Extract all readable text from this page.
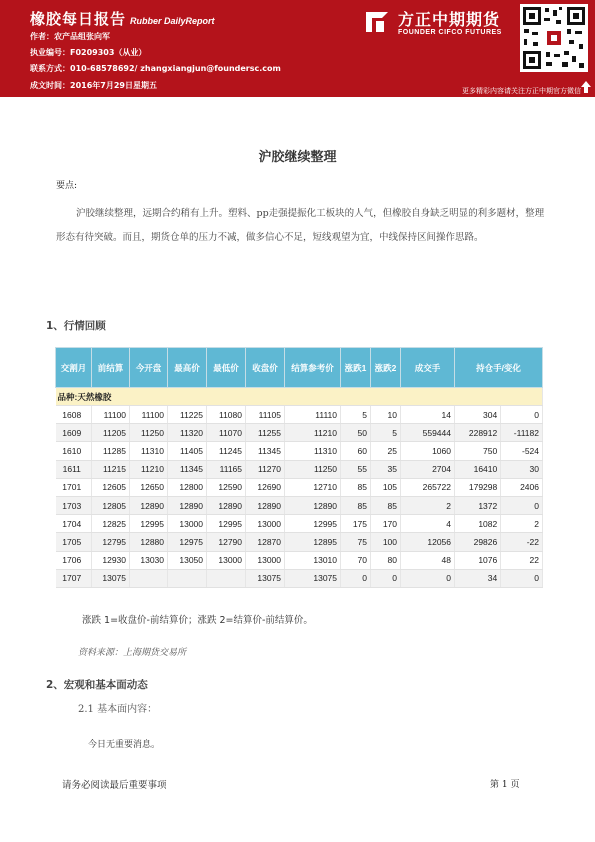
橡胶每日报告 Rubber DailyReport
作者：农产品组张向军
执业编号：F0209303（从业）
联系方式：010-68578692/ zhangxiangjun@foundersc.com
成文时间：2016年7月29日星期五
方正中期期货
FOUNDER CIFCO FUTURES
更多精彩内容请关注方正中期官方微信
沪胶继续整理
要点:
沪胶继续整理，远期合约稍有上升。塑料、pp走强提振化工板块的人气，但橡胶自身缺乏明显的利多题材，整理形态有待突破。而且，期货仓单的压力不减，做多信心不足，短线观望为宜，中线保持区间操作思路。
1、行情回顾
交割月	前结算	今开盘	最高价	最低价	收盘价	结算参考价	涨跌1	涨跌2	成交手	持仓手/变化	
品种:天然橡胶											
1608	11100	11100	11225	11080	11105	11110	5	10	14	304	0
1609	11205	11250	11320	11070	11255	11210	50	5	559444	228912	-11182
1610	11285	11310	11405	11245	11345	11310	60	25	1060	750	-524
1611	11215	11210	11345	11165	11270	11250	55	35	2704	16410	30
1701	12605	12650	12800	12590	12690	12710	85	105	265722	179298	2406
1703	12805	12890	12890	12890	12890	12890	85	85	2	1372	0
1704	12825	12995	13000	12995	13000	12995	175	170	4	1082	2
1705	12795	12880	12975	12790	12870	12895	75	100	12056	29826	-22
1706	12930	13030	13050	13000	13000	13010	70	80	48	1076	22
1707	13075				13075	13075	0	0	0	34	0
涨跌 1=收盘价-前结算价；涨跌 2=结算价-前结算价。
资料来源：上海期货交易所
2、宏观和基本面动态
2.1 基本面内容：
今日无重要消息。
请务必阅读最后重要事项	第 1 页
